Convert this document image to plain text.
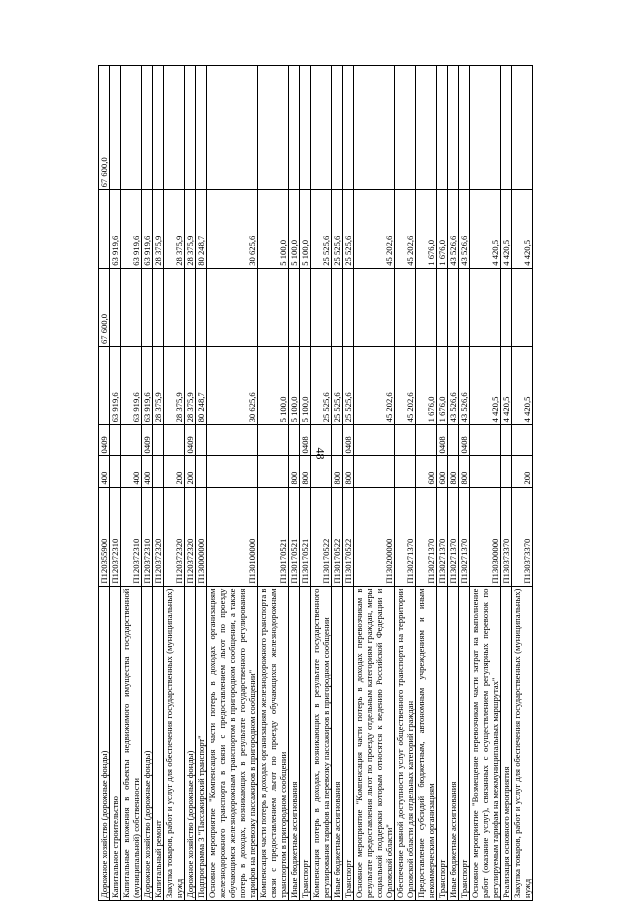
48
Дорожное хозяйство (дорожные фонды)	П120355900	400	0409		67 600,0		67 600,0
Капитальное строительство	П120372310			63 919,6		63 919,6	
Капитальные вложения в объекты недвижимого имущества государственной (муниципальной) собственности	П120372310	400		63 919,6		63 919,6	
Дорожное хозяйство (дорожные фонды)	П120372310	400	0409	63 919,6		63 919,6	
Капитальный ремонт	П120372320			28 375,9		28 375,9	
Закупка товаров, работ и услуг для обеспечения государственных (муниципальных) нужд	П120372320	200		28 375,9		28 375,9	
Дорожное хозяйство (дорожные фонды)	П120372320	200	0409	28 375,9		28 375,9	
Подпрограмма 3 "Пассажирский транспорт"	П130000000			80 248,7		80 248,7	
Основное мероприятие "Компенсация части потерь в доходах организациям железнодорожного транспорта в связи с предоставлением льгот по проезду обучающимся железнодорожным транспортом в пригородном сообщении, а также потерь в доходах, возникающих в результате государственного регулирования тарифов на перевозку пассажиров в пригородном сообщении"	П130100000			30 625,6		30 625,6	
Компенсация части потерь в доходах организациям железнодорожного транспорта в связи с предоставлением льгот по проезду обучающихся железнодорожным транспортом в пригородном сообщении	П130170521			5 100,0		5 100,0	
Иные бюджетные ассигнования	П130170521	800		5 100,0		5 100,0	
Транспорт	П130170521	800	0408	5 100,0		5 100,0	
Компенсация потерь в доходах, возникающих в результате государственного регулирования тарифов на перевозку пассажиров в пригородном сообщении	П130170522			25 525,6		25 525,6	
Иные бюджетные ассигнования	П130170522	800		25 525,6		25 525,6	
Транспорт	П130170522	800	0408	25 525,6		25 525,6	
Основное мероприятие "Компенсация части потерь в доходах перевозчикам в результате предоставления льгот по проезду отдельным категориям граждан, меры социальной поддержки которым относятся к ведению Российской Федерации и Орловской области"	П130200000			45 202,6		45 202,6	
Обеспечение равной доступности услуг общественного транспорта на территории Орловской области для отдельных категорий граждан	П130271370			45 202,6		45 202,6	
Предоставление субсидий бюджетным, автономным учреждениям и иным некоммерческим организациям	П130271370	600		1 676,0		1 676,0	
Транспорт	П130271370	600	0408	1 676,0		1 676,0	
Иные бюджетные ассигнования	П130271370	800		43 526,6		43 526,6	
Транспорт	П130271370	800	0408	43 526,6		43 526,6	
Основное мероприятие "Возмещение перевозчикам части затрат на выполнение работ (оказание услуг), связанных с осуществлением регулярных перевозок по регулируемым тарифам на межмуниципальных маршрутах"	П130300000			4 420,5		4 420,5	
Реализация основного мероприятия	П130373370			4 420,5		4 420,5	
Закупка товаров, работ и услуг для обеспечения государственных (муниципальных) нужд	П130373370	200		4 420,5		4 420,5	
